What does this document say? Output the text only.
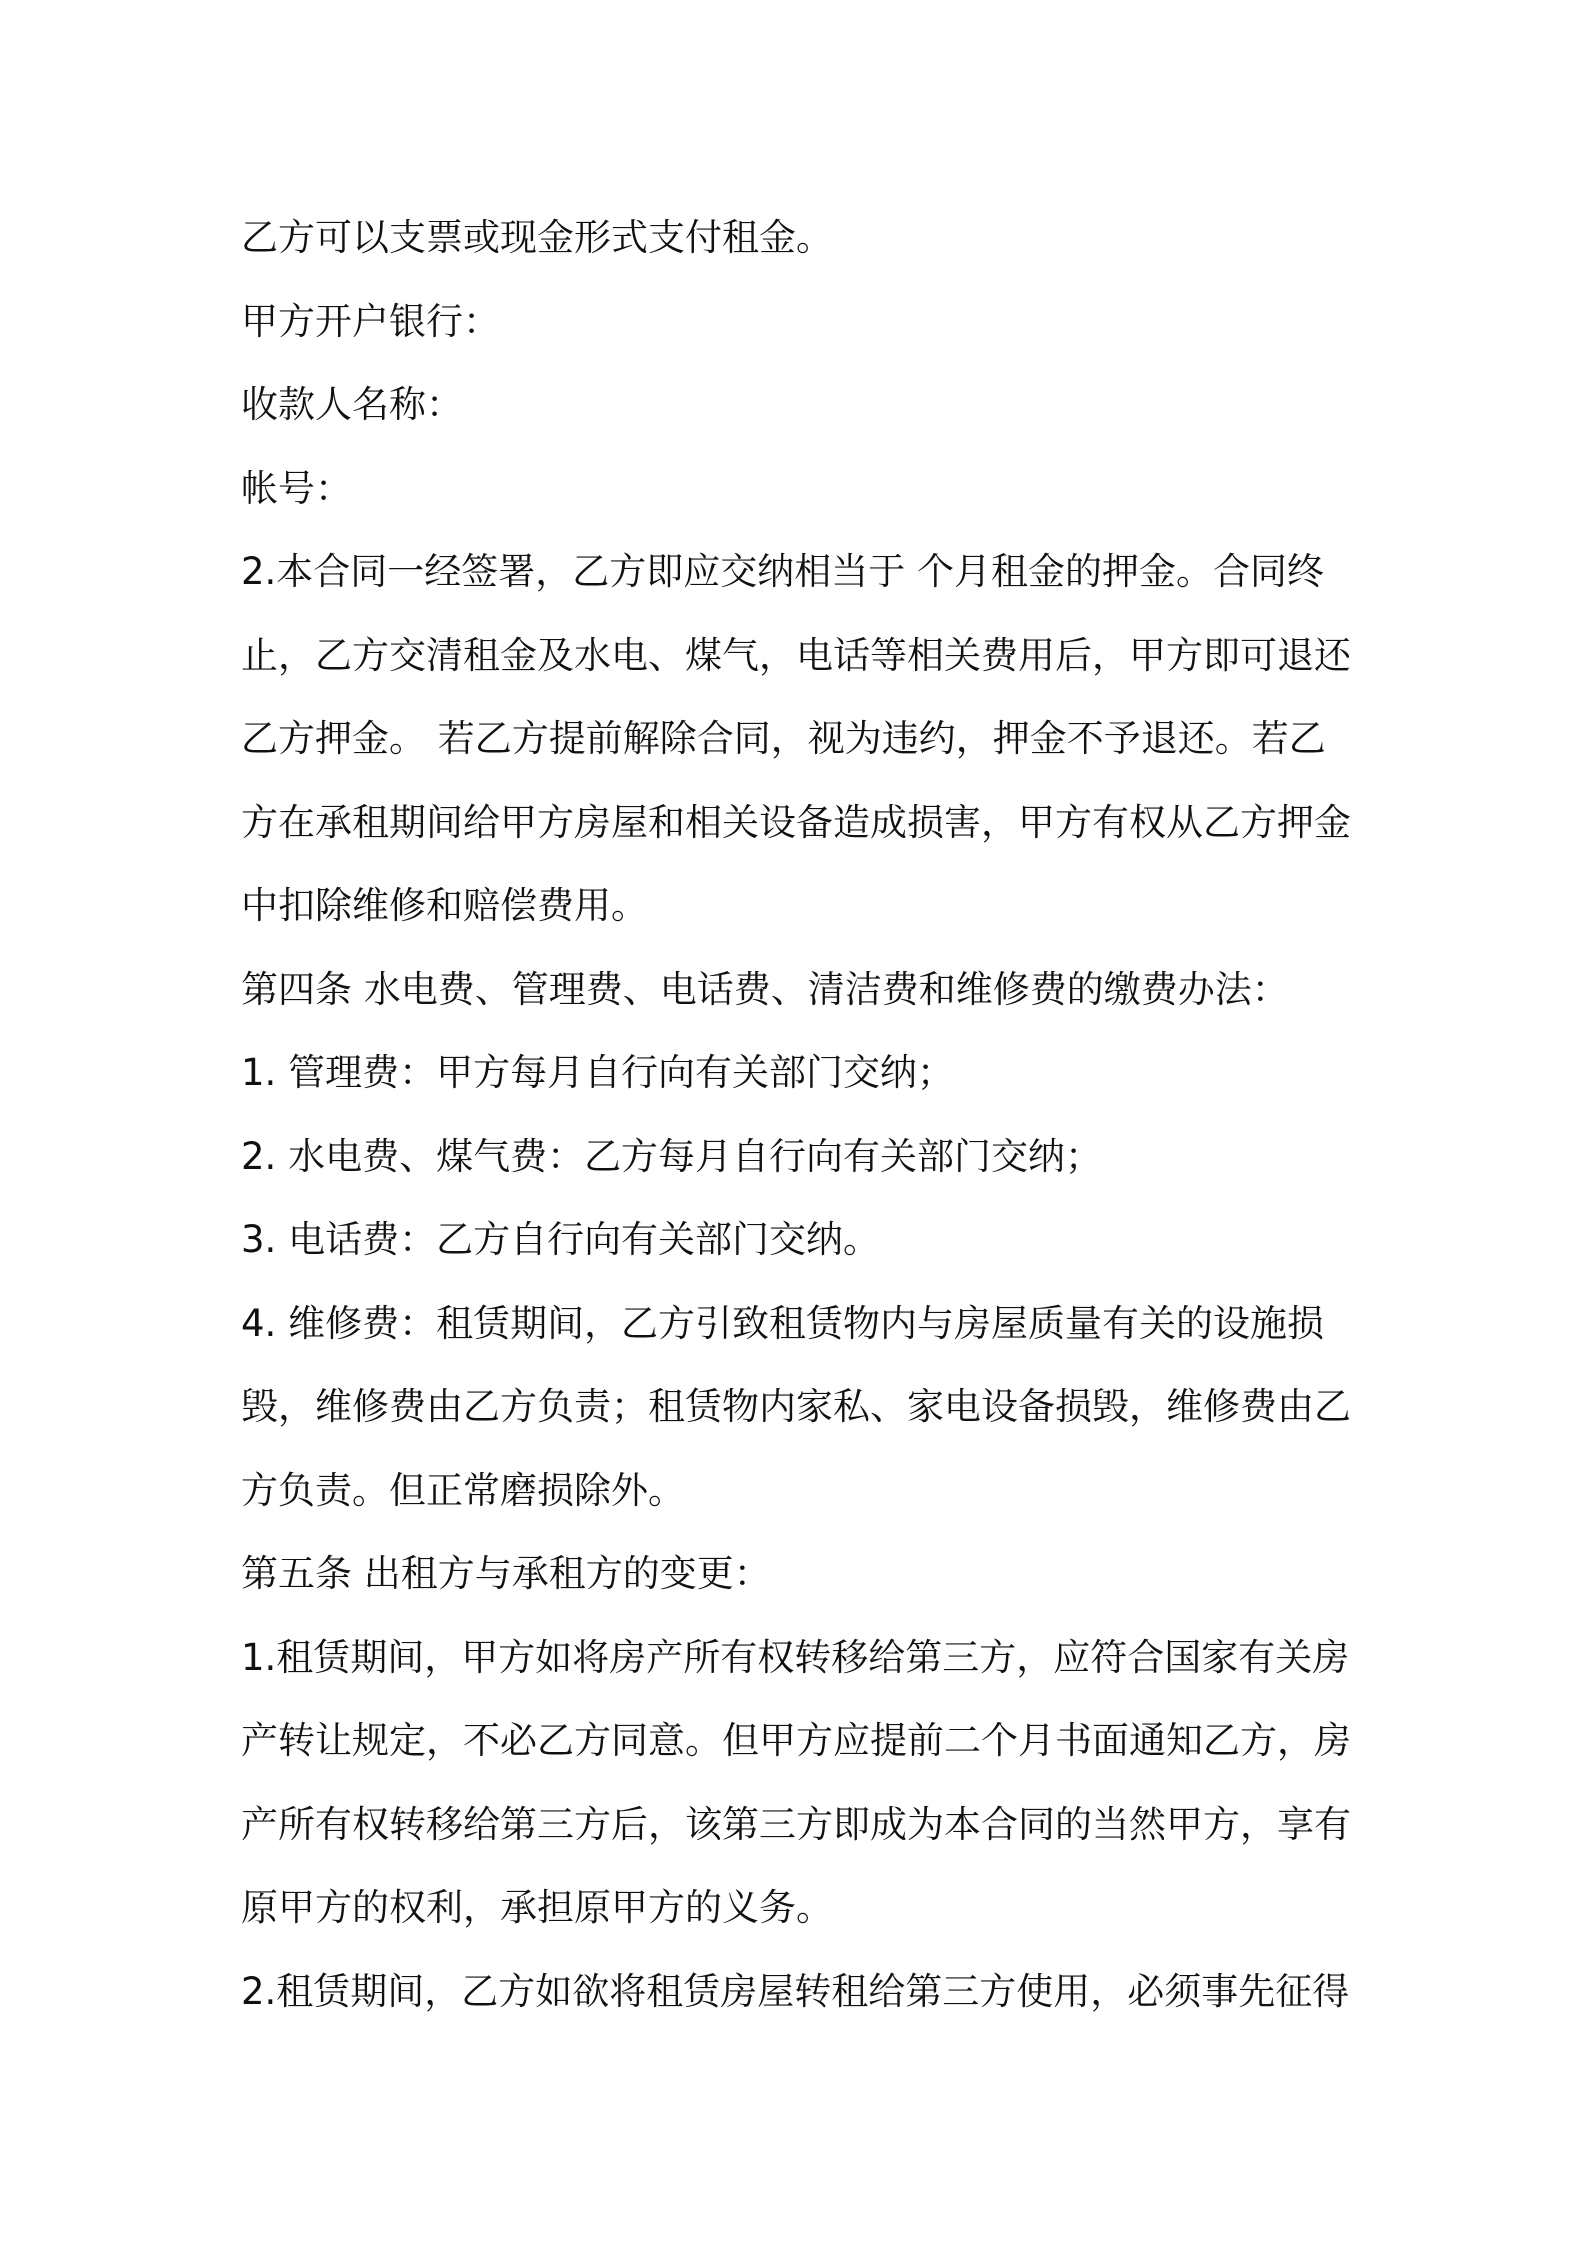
乙方可以支票或现金形式支付租金。
甲方开户银行：
收款人名称：
帐号：
2.本合同一经签署，乙方即应交纳相当于 个月租金的押金。合同终
止，乙方交清租金及水电、煤气，电话等相关费用后，甲方即可退还
乙方押金。 若乙方提前解除合同，视为违约，押金不予退还。若乙
方在承租期间给甲方房屋和相关设备造成损害，甲方有权从乙方押金
中扣除维修和赔偿费用。
第四条 水电费、管理费、电话费、清洁费和维修费的缴费办法：
1. 管理费：甲方每月自行向有关部门交纳；
2. 水电费、煤气费：乙方每月自行向有关部门交纳；
3. 电话费：乙方自行向有关部门交纳。
4. 维修费：租赁期间，乙方引致租赁物内与房屋质量有关的设施损
毁，维修费由乙方负责；租赁物内家私、家电设备损毁，维修费由乙
方负责。但正常磨损除外。
第五条 出租方与承租方的变更：
1.租赁期间，甲方如将房产所有权转移给第三方，应符合国家有关房
产转让规定，不必乙方同意。但甲方应提前二个月书面通知乙方，房
产所有权转移给第三方后，该第三方即成为本合同的当然甲方，享有
原甲方的权利，承担原甲方的义务。
2.租赁期间，乙方如欲将租赁房屋转租给第三方使用，必须事先征得
